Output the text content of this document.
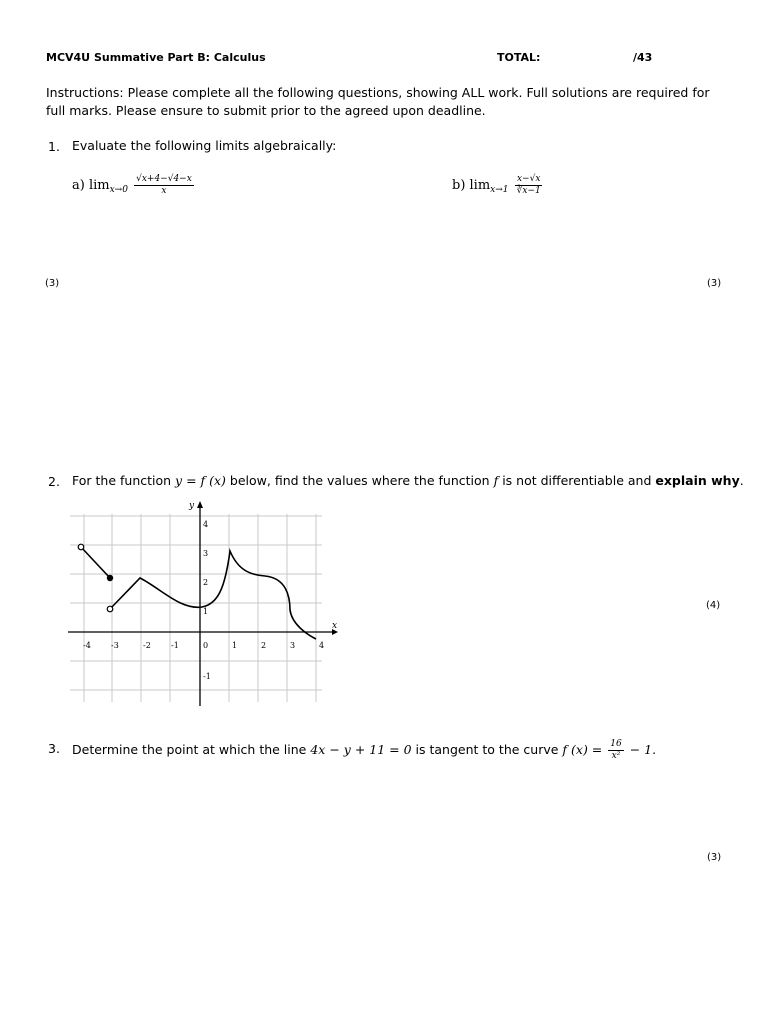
MCV4U Summative Part B: Calculus	TOTAL:	/43
Instructions: Please complete all the following questions, showing ALL work. Full solutions are required for full marks. Please ensure to submit prior to the agreed upon deadline.
1. Evaluate the following limits algebraically:
a) $\lim_{x\to 0} \frac{√x+4-√4-x}{x}$	b) $\lim_{x\to 1} \frac{x-√x}{∛x-1}$
(3)	(3)
2. For the function y = f (x) below, find the values where the function f is not differentiable and explain why.
x
y
-4	-3	-2	-1	0	1	2	3	4
4
3
2
1
-1
(4)
3. Determine the point at which the line 4x − y + 11 = 0 is tangent to the curve f $(x) = \frac{16}{\text{x²}} - 1$.
(3)
